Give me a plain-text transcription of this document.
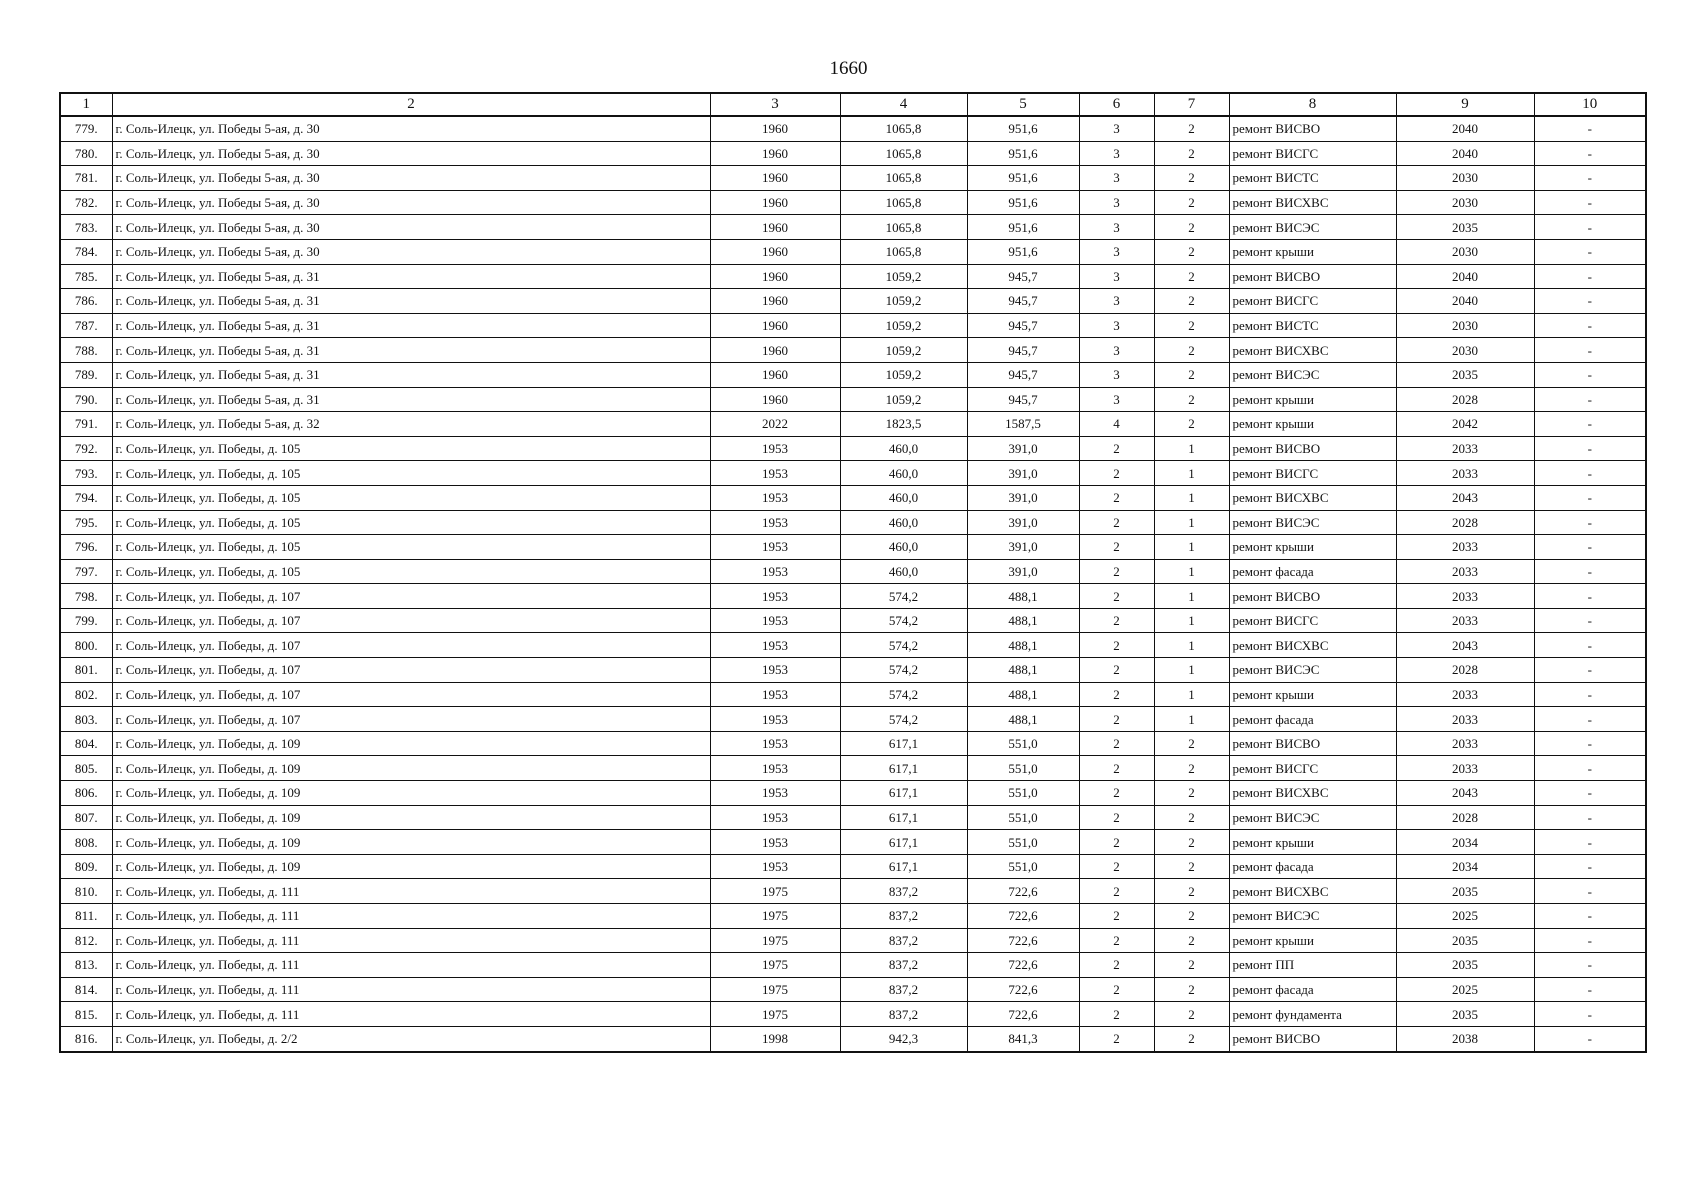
1660
1	2	3	4	5	6	7	8	9	10
779.	г. Соль-Илецк, ул. Победы 5-ая, д. 30	1960	1065,8	951,6	3	2	ремонт ВИСВО	2040	-
780.	г. Соль-Илецк, ул. Победы 5-ая, д. 30	1960	1065,8	951,6	3	2	ремонт ВИСГС	2040	-
781.	г. Соль-Илецк, ул. Победы 5-ая, д. 30	1960	1065,8	951,6	3	2	ремонт ВИСТС	2030	-
782.	г. Соль-Илецк, ул. Победы 5-ая, д. 30	1960	1065,8	951,6	3	2	ремонт ВИСХВС	2030	-
783.	г. Соль-Илецк, ул. Победы 5-ая, д. 30	1960	1065,8	951,6	3	2	ремонт ВИСЭС	2035	-
784.	г. Соль-Илецк, ул. Победы 5-ая, д. 30	1960	1065,8	951,6	3	2	ремонт крыши	2030	-
785.	г. Соль-Илецк, ул. Победы 5-ая, д. 31	1960	1059,2	945,7	3	2	ремонт ВИСВО	2040	-
786.	г. Соль-Илецк, ул. Победы 5-ая, д. 31	1960	1059,2	945,7	3	2	ремонт ВИСГС	2040	-
787.	г. Соль-Илецк, ул. Победы 5-ая, д. 31	1960	1059,2	945,7	3	2	ремонт ВИСТС	2030	-
788.	г. Соль-Илецк, ул. Победы 5-ая, д. 31	1960	1059,2	945,7	3	2	ремонт ВИСХВС	2030	-
789.	г. Соль-Илецк, ул. Победы 5-ая, д. 31	1960	1059,2	945,7	3	2	ремонт ВИСЭС	2035	-
790.	г. Соль-Илецк, ул. Победы 5-ая, д. 31	1960	1059,2	945,7	3	2	ремонт крыши	2028	-
791.	г. Соль-Илецк, ул. Победы 5-ая, д. 32	2022	1823,5	1587,5	4	2	ремонт крыши	2042	-
792.	г. Соль-Илецк, ул. Победы, д. 105	1953	460,0	391,0	2	1	ремонт ВИСВО	2033	-
793.	г. Соль-Илецк, ул. Победы, д. 105	1953	460,0	391,0	2	1	ремонт ВИСГС	2033	-
794.	г. Соль-Илецк, ул. Победы, д. 105	1953	460,0	391,0	2	1	ремонт ВИСХВС	2043	-
795.	г. Соль-Илецк, ул. Победы, д. 105	1953	460,0	391,0	2	1	ремонт ВИСЭС	2028	-
796.	г. Соль-Илецк, ул. Победы, д. 105	1953	460,0	391,0	2	1	ремонт крыши	2033	-
797.	г. Соль-Илецк, ул. Победы, д. 105	1953	460,0	391,0	2	1	ремонт фасада	2033	-
798.	г. Соль-Илецк, ул. Победы, д. 107	1953	574,2	488,1	2	1	ремонт ВИСВО	2033	-
799.	г. Соль-Илецк, ул. Победы, д. 107	1953	574,2	488,1	2	1	ремонт ВИСГС	2033	-
800.	г. Соль-Илецк, ул. Победы, д. 107	1953	574,2	488,1	2	1	ремонт ВИСХВС	2043	-
801.	г. Соль-Илецк, ул. Победы, д. 107	1953	574,2	488,1	2	1	ремонт ВИСЭС	2028	-
802.	г. Соль-Илецк, ул. Победы, д. 107	1953	574,2	488,1	2	1	ремонт крыши	2033	-
803.	г. Соль-Илецк, ул. Победы, д. 107	1953	574,2	488,1	2	1	ремонт фасада	2033	-
804.	г. Соль-Илецк, ул. Победы, д. 109	1953	617,1	551,0	2	2	ремонт ВИСВО	2033	-
805.	г. Соль-Илецк, ул. Победы, д. 109	1953	617,1	551,0	2	2	ремонт ВИСГС	2033	-
806.	г. Соль-Илецк, ул. Победы, д. 109	1953	617,1	551,0	2	2	ремонт ВИСХВС	2043	-
807.	г. Соль-Илецк, ул. Победы, д. 109	1953	617,1	551,0	2	2	ремонт ВИСЭС	2028	-
808.	г. Соль-Илецк, ул. Победы, д. 109	1953	617,1	551,0	2	2	ремонт крыши	2034	-
809.	г. Соль-Илецк, ул. Победы, д. 109	1953	617,1	551,0	2	2	ремонт фасада	2034	-
810.	г. Соль-Илецк, ул. Победы, д. 111	1975	837,2	722,6	2	2	ремонт ВИСХВС	2035	-
811.	г. Соль-Илецк, ул. Победы, д. 111	1975	837,2	722,6	2	2	ремонт ВИСЭС	2025	-
812.	г. Соль-Илецк, ул. Победы, д. 111	1975	837,2	722,6	2	2	ремонт крыши	2035	-
813.	г. Соль-Илецк, ул. Победы, д. 111	1975	837,2	722,6	2	2	ремонт ПП	2035	-
814.	г. Соль-Илецк, ул. Победы, д. 111	1975	837,2	722,6	2	2	ремонт фасада	2025	-
815.	г. Соль-Илецк, ул. Победы, д. 111	1975	837,2	722,6	2	2	ремонт фундамента	2035	-
816.	г. Соль-Илецк, ул. Победы, д. 2/2	1998	942,3	841,3	2	2	ремонт ВИСВО	2038	-
